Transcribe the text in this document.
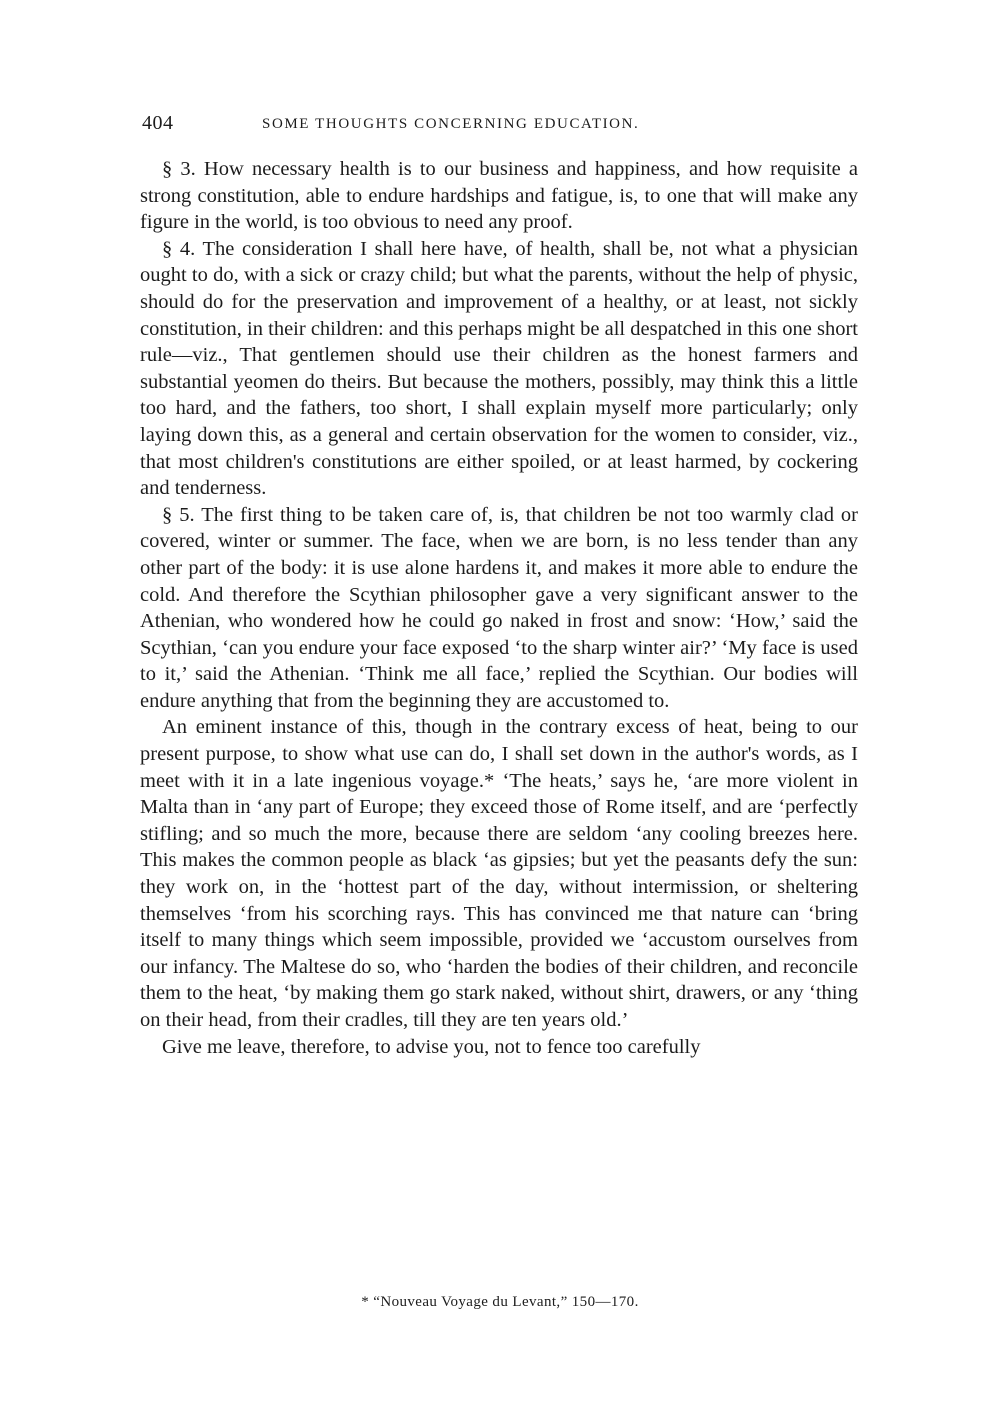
404	SOME THOUGHTS CONCERNING EDUCATION.

§ 3. How necessary health is to our business and happiness, and how requisite a strong constitution, able to endure hardships and fatigue, is, to one that will make any figure in the world, is too obvious to need any proof.

§ 4. The consideration I shall here have, of health, shall be, not what a physician ought to do, with a sick or crazy child; but what the parents, without the help of physic, should do for the preservation and improvement of a healthy, or at least, not sickly constitution, in their children: and this perhaps might be all despatched in this one short rule—viz., That gentlemen should use their children as the honest farmers and substantial yeomen do theirs. But because the mothers, possibly, may think this a little too hard, and the fathers, too short, I shall explain myself more particularly; only laying down this, as a general and certain observation for the women to consider, viz., that most children's constitutions are either spoiled, or at least harmed, by cockering and tenderness.

§ 5. The first thing to be taken care of, is, that children be not too warmly clad or covered, winter or summer. The face, when we are born, is no less tender than any other part of the body: it is use alone hardens it, and makes it more able to endure the cold. And therefore the Scythian philosopher gave a very significant answer to the Athenian, who wondered how he could go naked in frost and snow: ‘How,’ said the Scythian, ‘can you endure your face exposed ‘to the sharp winter air?’ ‘My face is used to it,’ said the Athenian. ‘Think me all face,’ replied the Scythian. Our bodies will endure anything that from the beginning they are accustomed to.

An eminent instance of this, though in the contrary excess of heat, being to our present purpose, to show what use can do, I shall set down in the author's words, as I meet with it in a late ingenious voyage.* ‘The heats,’ says he, ‘are more violent in Malta than in ‘any part of Europe; they exceed those of Rome itself, and are ‘perfectly stifling; and so much the more, because there are seldom ‘any cooling breezes here. This makes the common people as black ‘as gipsies; but yet the peasants defy the sun: they work on, in the ‘hottest part of the day, without intermission, or sheltering themselves ‘from his scorching rays. This has convinced me that nature can ‘bring itself to many things which seem impossible, provided we ‘accustom ourselves from our infancy. The Maltese do so, who ‘harden the bodies of their children, and reconcile them to the heat, ‘by making them go stark naked, without shirt, drawers, or any ‘thing on their head, from their cradles, till they are ten years old.’

Give me leave, therefore, to advise you, not to fence too carefully

* “Nouveau Voyage du Levant,” 150—170.
